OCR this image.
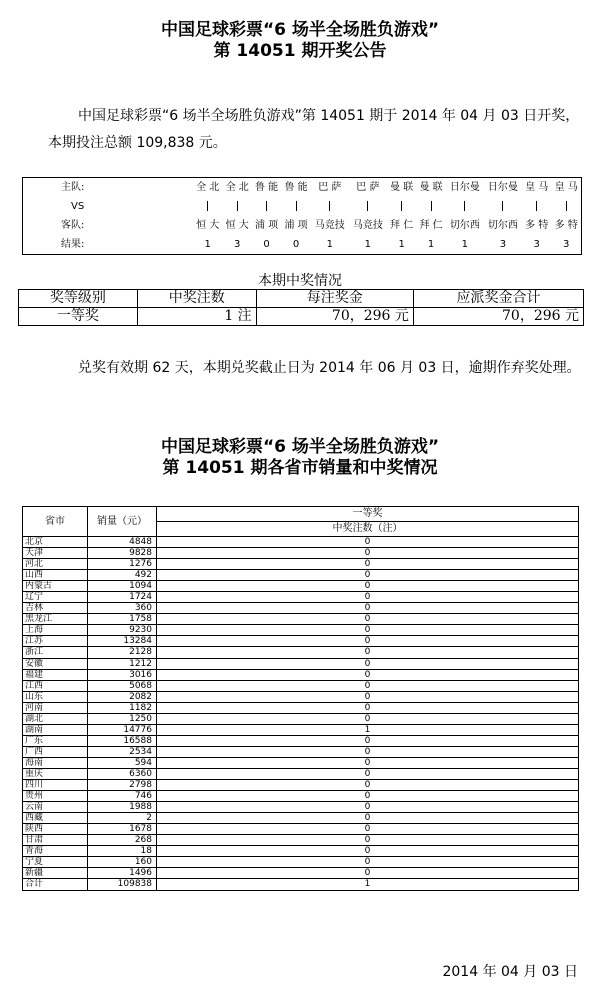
中国足球彩票“6 场半全场胜负游戏”
第 14051 期开奖公告
中国足球彩票“6 场半全场胜负游戏”第 14051 期于 2014 年 04 月 03 日开奖，本期投注总额 109,838 元。
主队:	全 北	全 北	鲁 能	鲁 能	巴 萨	巴 萨	曼 联	曼 联	日尔曼	日尔曼	皇 马	皇 马
VS												
客队:	恒 大	恒 大	浦 项	浦 项	马竞技	马竞技	拜 仁	拜 仁	切尔西	切尔西	多 特	多 特
结果:	1	3	0	0	1	1	1	1	1	3	3	3
本期中奖情况
奖等级别	中奖注数	每注奖金	应派奖金合计
一等奖	1 注	70，296 元	70，296 元
兑奖有效期 62 天，本期兑奖截止日为 2014 年 06 月 03 日，逾期作弃奖处理。
中国足球彩票“6 场半全场胜负游戏”
第 14051 期各省市销量和中奖情况
省市	销量（元）	一等奖
		中奖注数（注）
北京	4848	0
天津	9828	0
河北	1276	0
山西	492	0
内蒙古	1094	0
辽宁	1724	0
吉林	360	0
黑龙江	1758	0
上海	9230	0
江苏	13284	0
浙江	2128	0
安徽	1212	0
福建	3016	0
江西	5068	0
山东	2082	0
河南	1182	0
湖北	1250	0
湖南	14776	1
广东	16588	0
广西	2534	0
海南	594	0
重庆	6360	0
四川	2798	0
贵州	746	0
云南	1988	0
西藏	2	0
陕西	1678	0
甘肃	268	0
青海	18	0
宁夏	160	0
新疆	1496	0
合计	109838	1
2014 年 04 月 03 日
